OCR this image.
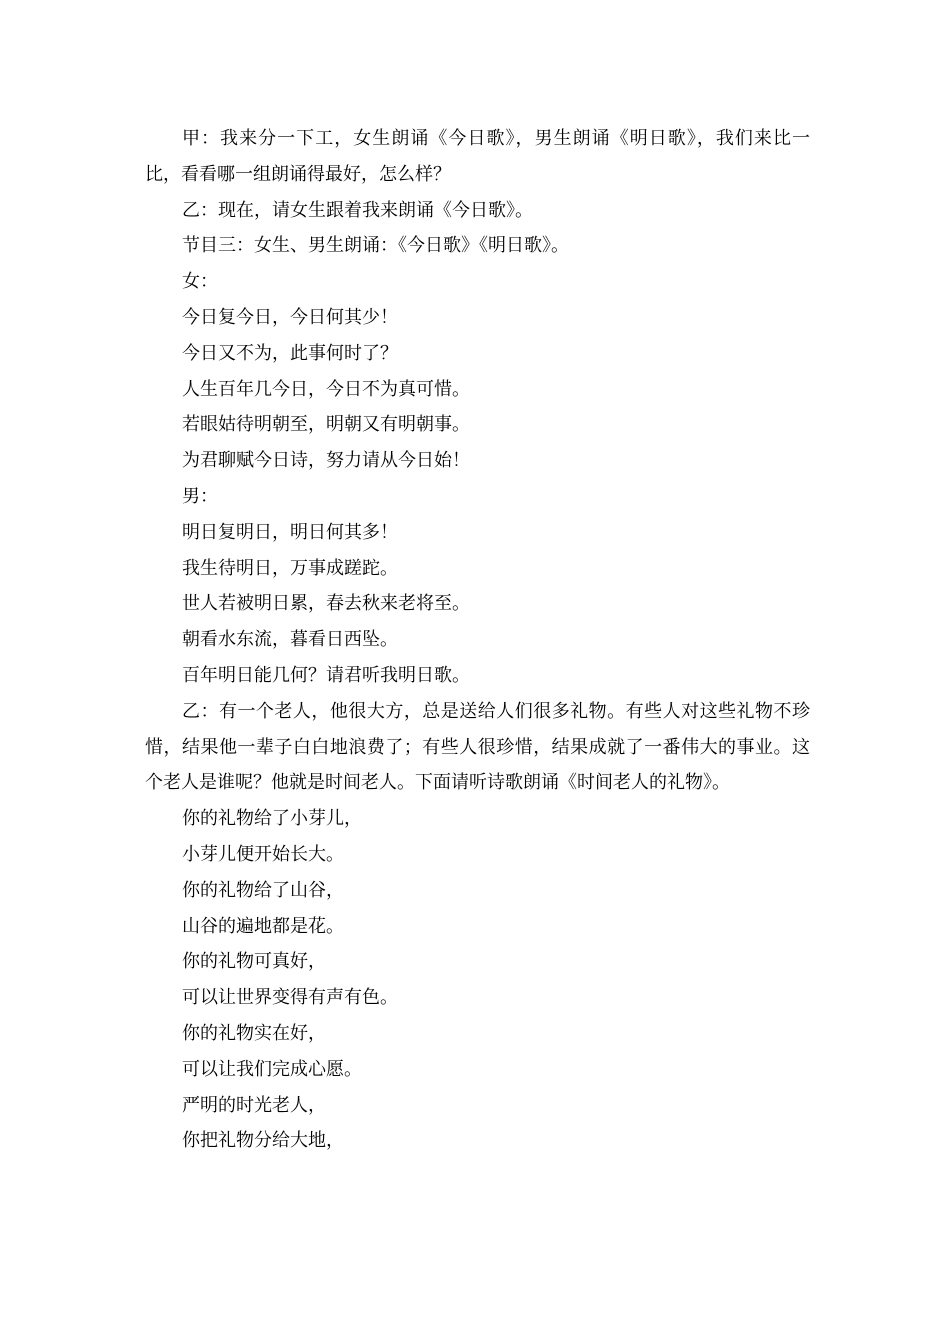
甲：我来分一下工，女生朗诵《今日歌》，男生朗诵《明日歌》，我们来比一比，看看哪一组朗诵得最好，怎么样？

乙：现在，请女生跟着我来朗诵《今日歌》。

节目三：女生、男生朗诵：《今日歌》《明日歌》。

女：

今日复今日，今日何其少！

今日又不为，此事何时了？

人生百年几今日，今日不为真可惜。

若眼姑待明朝至，明朝又有明朝事。

为君聊赋今日诗，努力请从今日始！

男：

明日复明日，明日何其多！

我生待明日，万事成蹉跎。

世人若被明日累，春去秋来老将至。

朝看水东流，暮看日西坠。

百年明日能几何？请君听我明日歌。

乙：有一个老人，他很大方，总是送给人们很多礼物。有些人对这些礼物不珍惜，结果他一辈子白白地浪费了；有些人很珍惜，结果成就了一番伟大的事业。这个老人是谁呢？他就是时间老人。下面请听诗歌朗诵《时间老人的礼物》。

你的礼物给了小芽儿，

小芽儿便开始长大。

你的礼物给了山谷，

山谷的遍地都是花。

你的礼物可真好，

可以让世界变得有声有色。

你的礼物实在好，

可以让我们完成心愿。

严明的时光老人，

你把礼物分给大地，
